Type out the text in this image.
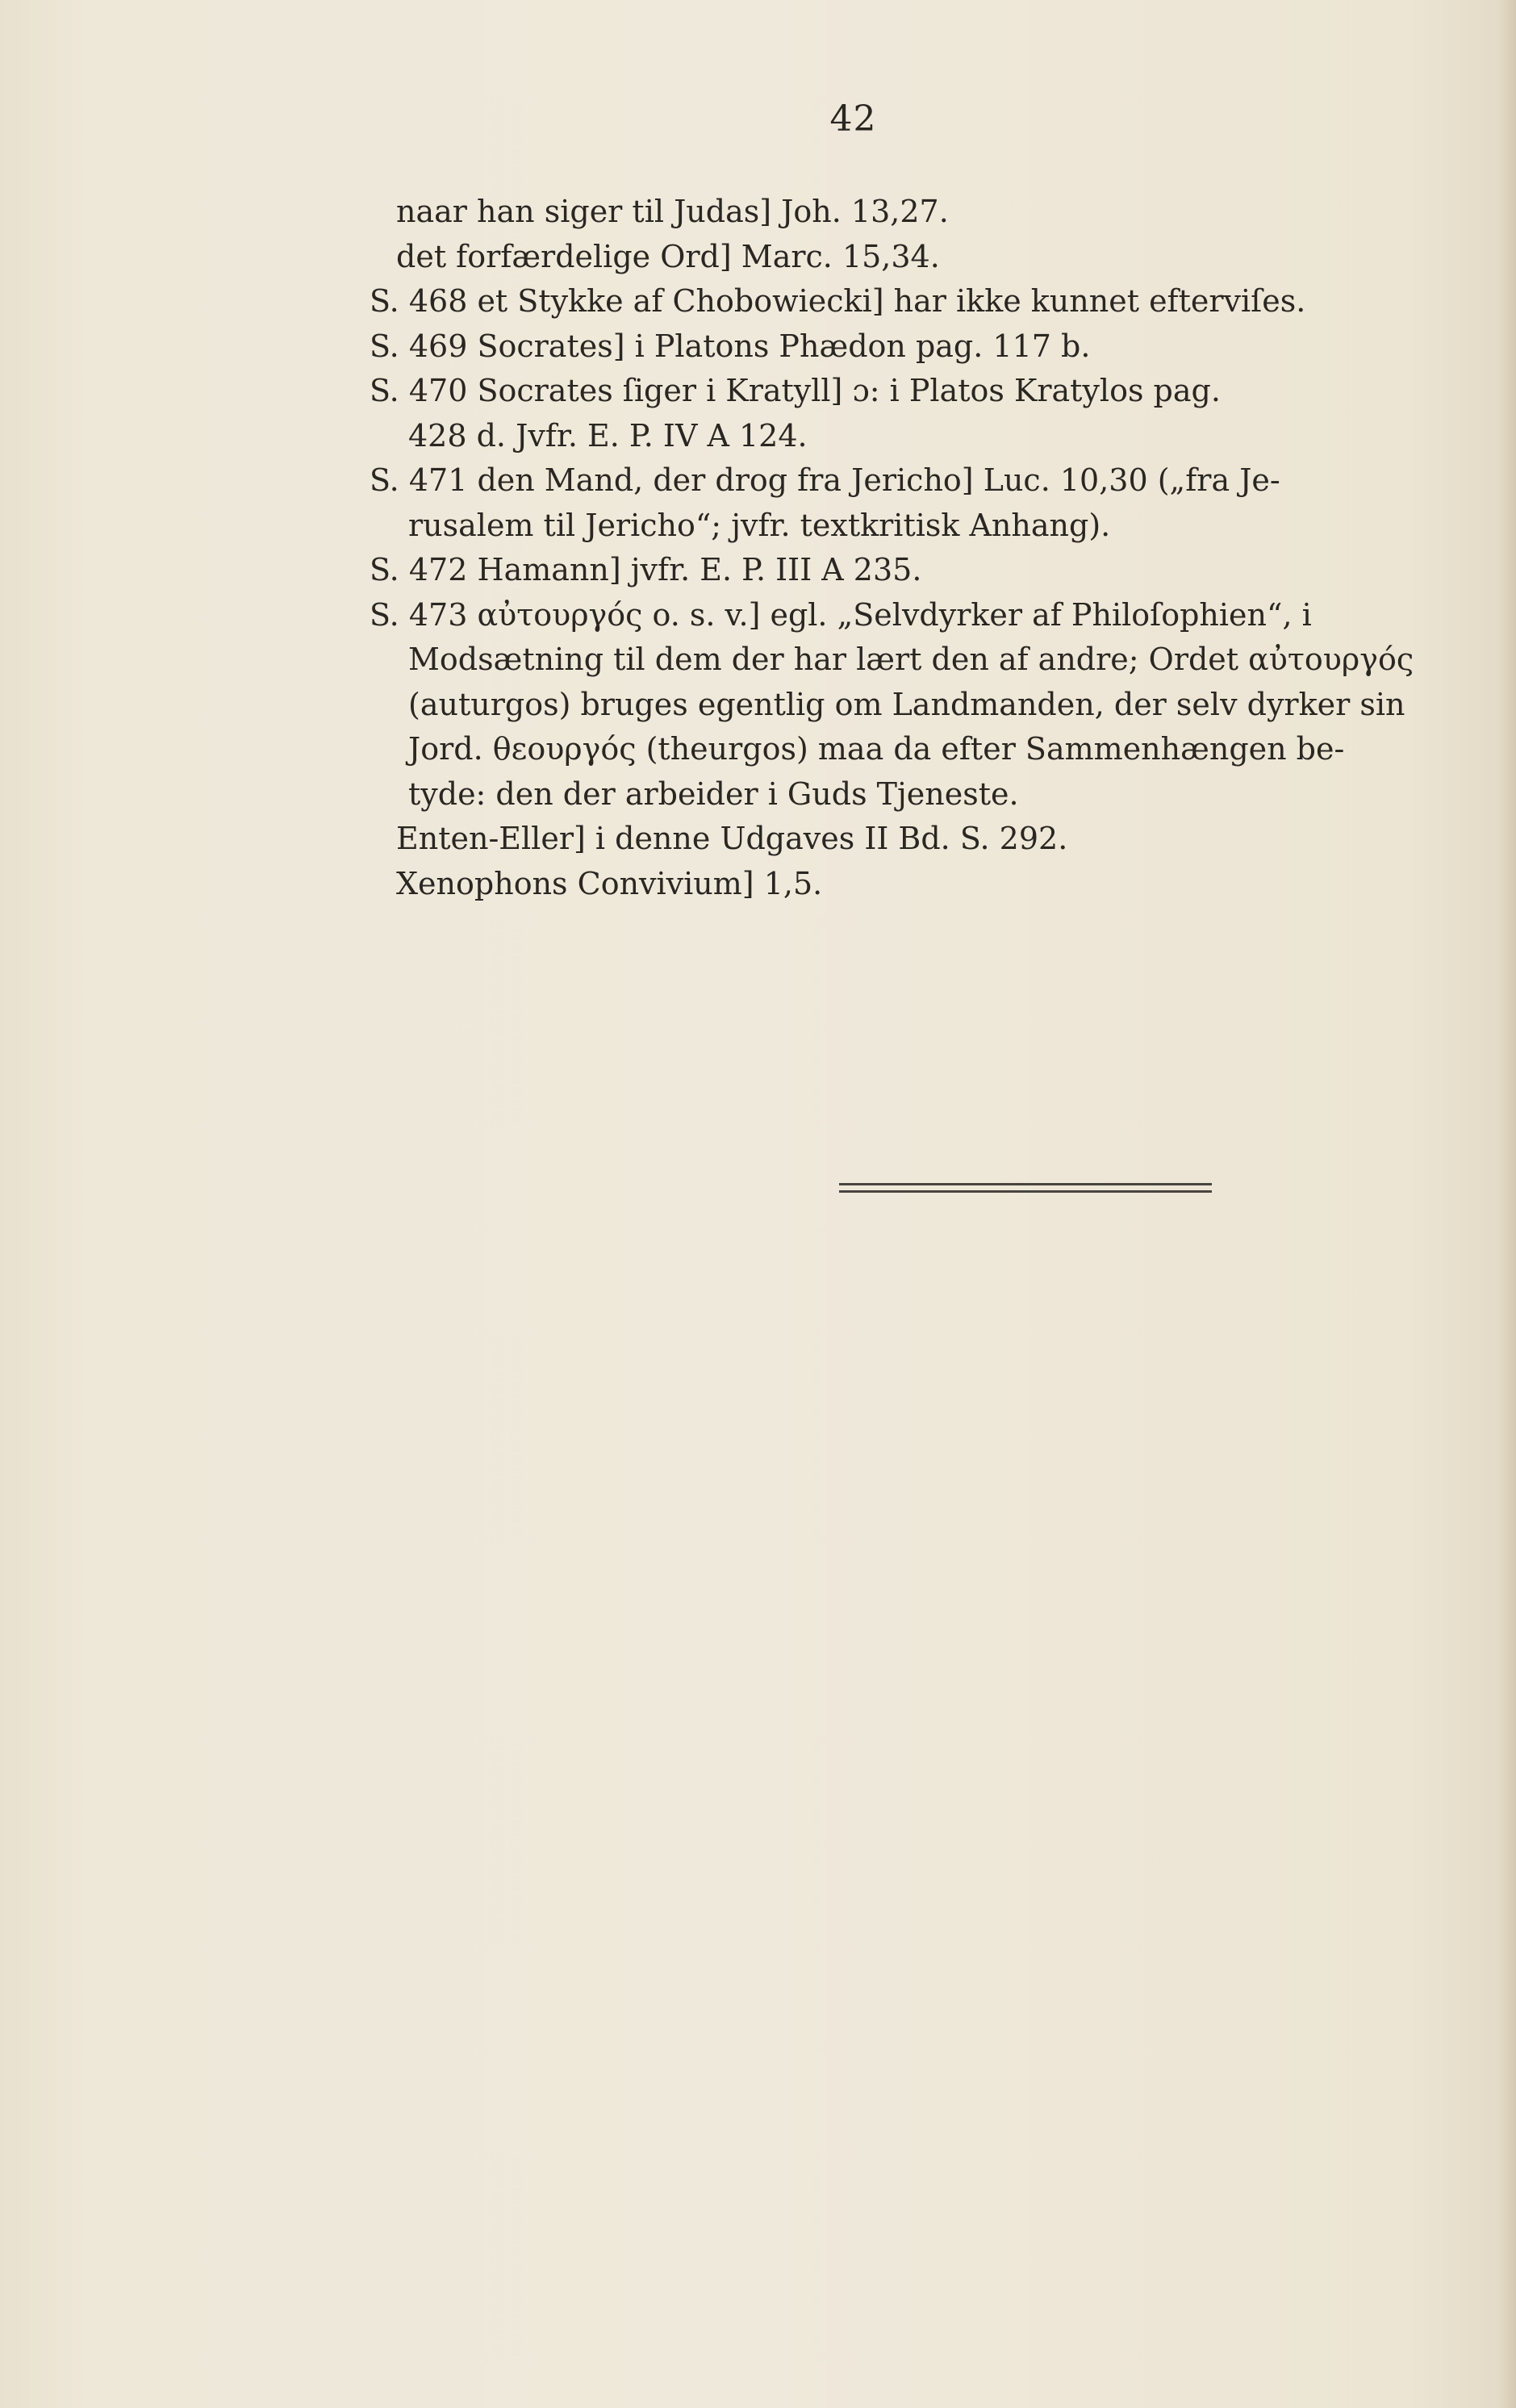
42
naar han siger til Judas] Joh. 13,27.
det forfærdelige Ord] Marc. 15,34.
S. 468 et Stykke af Chobowiecki] har ikke kunnet efterviſes.
S. 469 Socrates] i Platons Phædon pag. 117 b.
S. 470 Socrates ſiger i Kratyll] ɔ: i Platos Kratylos pag.
428 d. Jvfr. E. P. IV A 124.
S. 471 den Mand, der drog fra Jericho] Luc. 10,30 („fra Je-
rusalem til Jericho“; jvfr. textkritisk Anhang).
S. 472 Hamann] jvfr. E. P. III A 235.
S. 473 αὐτουργός o. s. v.] egl. „Selvdyrker af Philoſophien“, i
Modsætning til dem der har lært den af andre; Ordet αὐτουργός
(auturgos) bruges egentlig om Landmanden, der selv dyrker sin
Jord. θεουργός (theurgos) maa da efter Sammenhængen be-
tyde: den der arbeider i Guds Tjeneste.
Enten-Eller] i denne Udgaves II Bd. S. 292.
Xenophons Convivium] 1,5.
